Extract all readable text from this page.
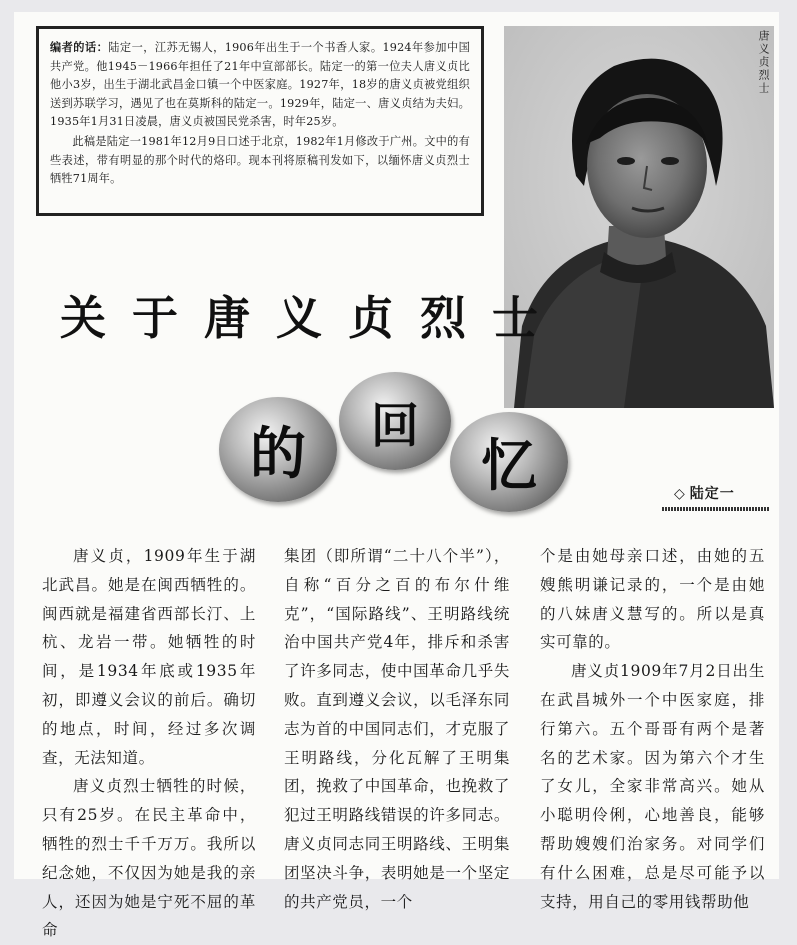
编者的话：陆定一，江苏无锡人，1906年出生于一个书香人家。1924年参加中国共产党。他1945－1966年担任了21年中宣部部长。陆定一的第一位夫人唐义贞比他小3岁，出生于湖北武昌金口镇一个中医家庭。1927年，18岁的唐义贞被党组织送到苏联学习，遇见了也在莫斯科的陆定一。1929年，陆定一、唐义贞结为夫妇。1935年1月31日凌晨，唐义贞被国民党杀害，时年25岁。

此稿是陆定一1981年12月9日口述于北京，1982年1月修改于广州。文中的有些表述，带有明显的那个时代的烙印。现本刊将原稿刊发如下，以缅怀唐义贞烈士牺牲71周年。

唐义贞烈士
关于唐义贞烈士
的	回
忆	◇ 陆定一

唐义贞，1909年生于湖北武昌。她是在闽西牺牲的。闽西就是福建省西部长汀、上杭、龙岩一带。她牺牲的时间，是1934年底或1935年初，即遵义会议的前后。确切的地点，时间，经过多次调查，无法知道。

唐义贞烈士牺牲的时候，只有25岁。在民主革命中，牺牲的烈士千千万万。我所以纪念她，不仅因为她是我的亲人，还因为她是宁死不屈的革命

集团（即所谓“二十八个半”），自称“百分之百的布尔什维克”，“国际路线”、王明路线统治中国共产党4年，排斥和杀害了许多同志，使中国革命几乎失败。直到遵义会议，以毛泽东同志为首的中国同志们，才克服了王明路线，分化瓦解了王明集团，挽救了中国革命，也挽救了犯过王明路线错误的许多同志。唐义贞同志同王明路线、王明集团坚决斗争，表明她是一个坚定的共产党员，一个

个是由她母亲口述，由她的五嫂熊明谦记录的，一个是由她的八妹唐义慧写的。所以是真实可靠的。

唐义贞1909年7月2日出生在武昌城外一个中医家庭，排行第六。五个哥哥有两个是著名的艺术家。因为第六个才生了女儿，全家非常高兴。她从小聪明伶俐，心地善良，能够帮助嫂嫂们治家务。对同学们有什么困难，总是尽可能予以支持，用自己的零用钱帮助他
